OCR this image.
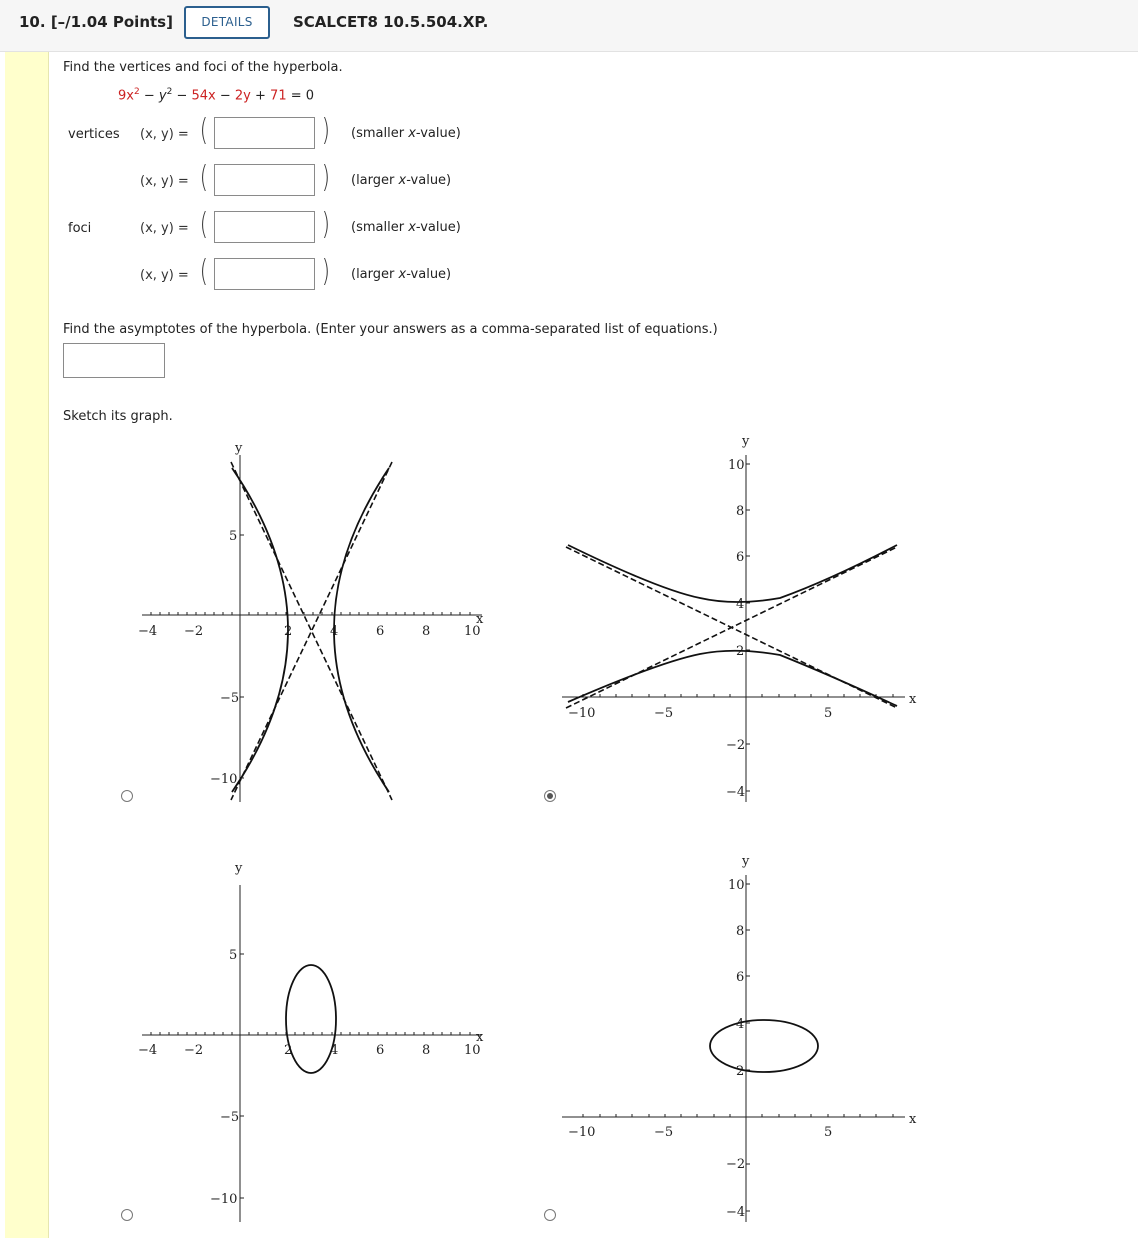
10. [–/1.04 Points]	DETAILS	SCALCET8 10.5.504.XP.
Find the vertices and foci of the hyperbola.
$9x^2 - y^2 - 54x - 2y + 71 = 0$
vertices (x, y) = (	) (smaller x-value)
(x, y) = (	) (larger x-value)
foci	(x, y) = (	) (smaller x-value)
(x, y) = (	) (larger x-value)
Find the asymptotes of the hyperbola. (Enter your answers as a comma-separated list of equations.)
Sketch its graph.
x
y
−4 −2	2	4	6	8	10
5
−5
−10
x
y
−10	−5	5
10
8
6
4
2
−2
−4
x
y
−4 −2	2	4	6	8	10
5
−5
−10
x
y
−10	−5	5
10
8
6
4
2
−2
−4
